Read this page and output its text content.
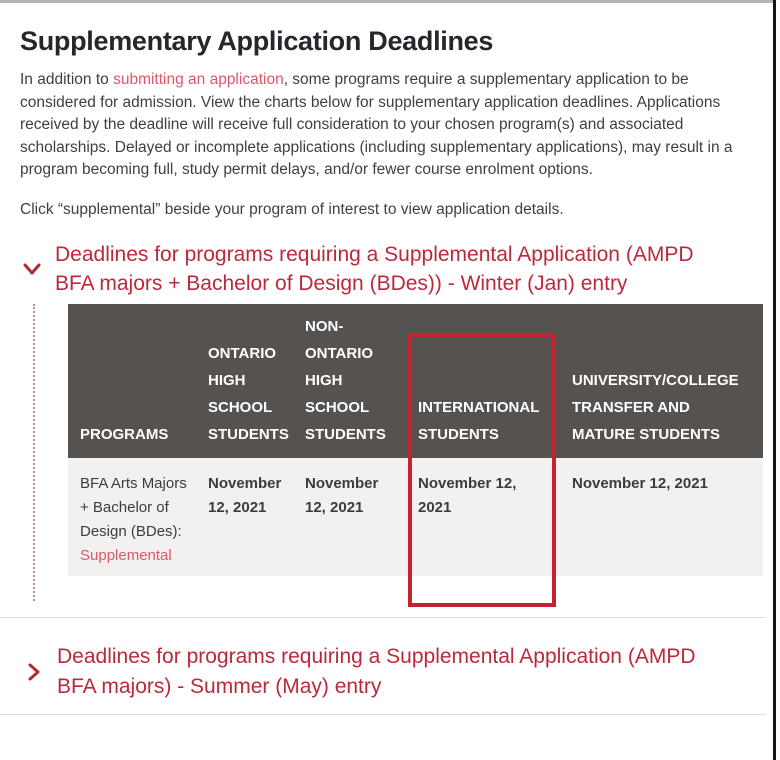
Supplementary Application Deadlines

In addition to submitting an application, some programs require a supplementary application to be considered for admission. View the charts below for supplementary application deadlines. Applications received by the deadline will receive full consideration to your chosen program(s) and associated scholarships. Delayed or incomplete applications (including supplementary applications), may result in a program becoming full, study permit delays, and/or fewer course enrolment options.

Click “supplemental” beside your program of interest to view application details.

Deadlines for programs requiring a Supplemental Application (AMPD BFA majors + Bachelor of Design (BDes)) - Winter (Jan) entry
PROGRAMS	ONTARIO HIGH SCHOOL STUDENTS	NON-ONTARIO HIGH SCHOOL STUDENTS	INTERNATIONAL STUDENTS	UNIVERSITY/COLLEGE TRANSFER AND MATURE STUDENTS
BFA Arts Majors + Bachelor of Design (BDes): Supplemental	November 12, 2021	November 12, 2021	November 12, 2021	November 12, 2021
Deadlines for programs requiring a Supplemental Application (AMPD BFA majors) - Summer (May) entry
